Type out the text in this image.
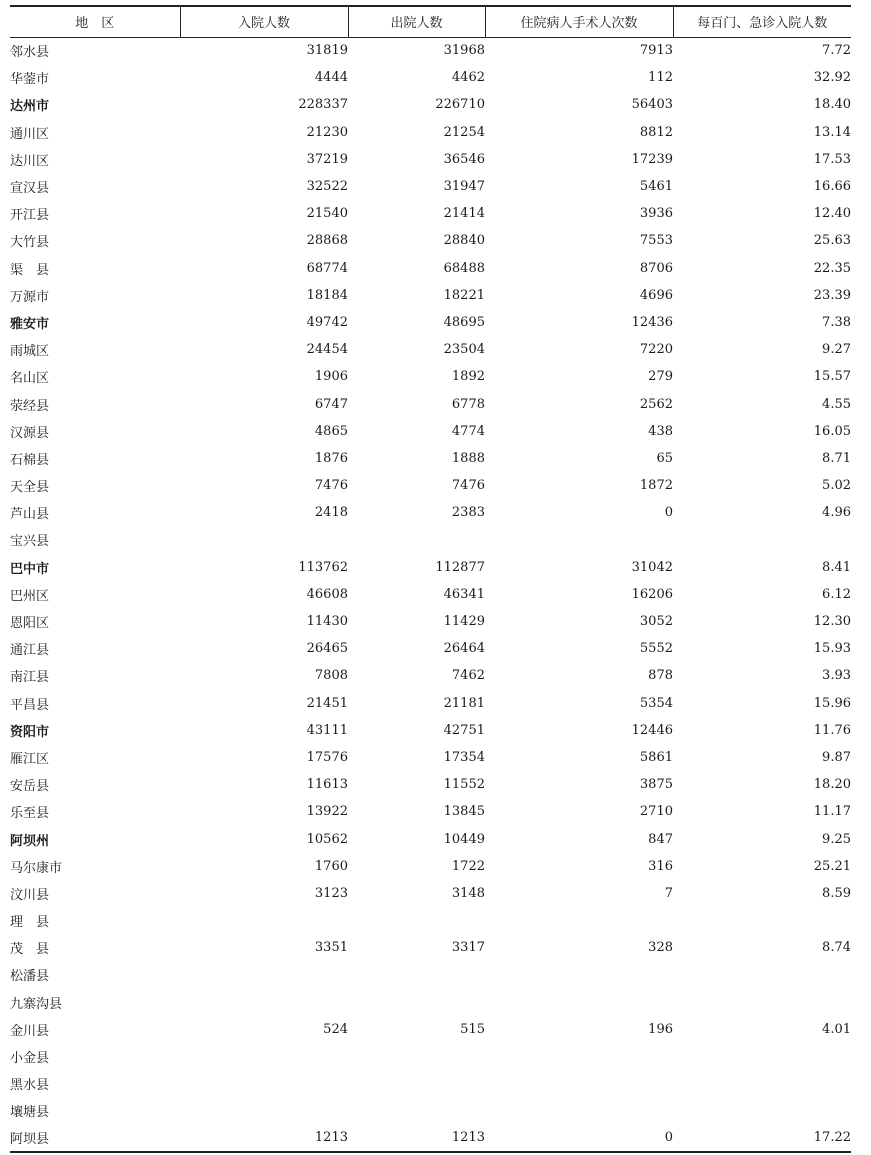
地　区	入院人数	出院人数	住院病人手术人次数	每百门、急诊入院人数
邻水县	31819	31968	7913	7.72
华蓥市	4444	4462	112	32.92
达州市	228337	226710	56403	18.40
通川区	21230	21254	8812	13.14
达川区	37219	36546	17239	17.53
宣汉县	32522	31947	5461	16.66
开江县	21540	21414	3936	12.40
大竹县	28868	28840	7553	25.63
渠　县	68774	68488	8706	22.35
万源市	18184	18221	4696	23.39
雅安市	49742	48695	12436	7.38
雨城区	24454	23504	7220	9.27
名山区	1906	1892	279	15.57
荥经县	6747	6778	2562	4.55
汉源县	4865	4774	438	16.05
石棉县	1876	1888	65	8.71
天全县	7476	7476	1872	5.02
芦山县	2418	2383	0	4.96
宝兴县				
巴中市	113762	112877	31042	8.41
巴州区	46608	46341	16206	6.12
恩阳区	11430	11429	3052	12.30
通江县	26465	26464	5552	15.93
南江县	7808	7462	878	3.93
平昌县	21451	21181	5354	15.96
资阳市	43111	42751	12446	11.76
雁江区	17576	17354	5861	9.87
安岳县	11613	11552	3875	18.20
乐至县	13922	13845	2710	11.17
阿坝州	10562	10449	847	9.25
马尔康市	1760	1722	316	25.21
汶川县	3123	3148	7	8.59
理　县				
茂　县	3351	3317	328	8.74
松潘县				
九寨沟县				
金川县	524	515	196	4.01
小金县				
黑水县				
壤塘县				
阿坝县	1213	1213	0	17.22
